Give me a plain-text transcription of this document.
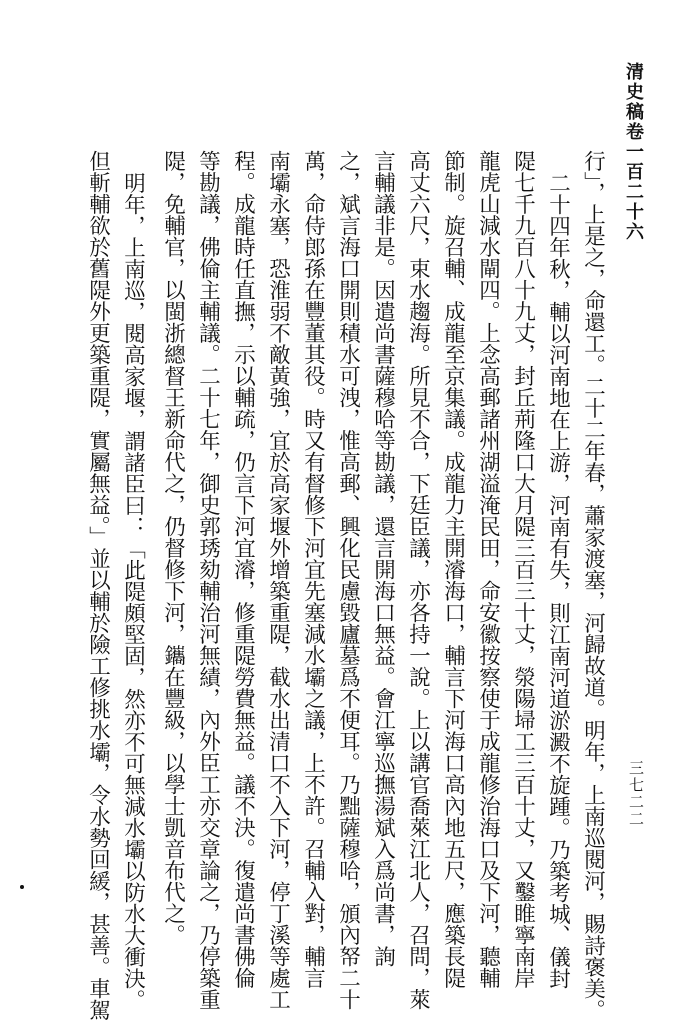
清史稿卷一百二十六
三七二二
行」，上是之，命還工。二十二年春，蕭家渡塞，河歸故道。明年，上南巡閱河，賜詩褒美。
二十四年秋，輔以河南地在上游，河南有失，則江南河道淤澱不旋踵。乃築考城、儀封
隄七千九百八十九丈，封丘荊隆口大月隄三百三十丈，滎陽埽工三百十丈，又鑿睢寧南岸
龍虎山減水閘四。上念高郵諸州湖溢淹民田，命安徽按察使于成龍修治海口及下河，聽輔
節制。旋召輔、成龍至京集議。成龍力主開濬海口，輔言下河海口高內地五尺，應築長隄
高丈六尺，束水趨海。所見不合，下廷臣議，亦各持一說。上以講官喬萊江北人，召問，萊
言輔議非是。因遣尚書薩穆哈等勘議，還言開海口無益。會江寧巡撫湯斌入爲尚書，詢
之，斌言海口開則積水可洩，惟高郵、興化民慮毀廬墓爲不便耳。乃黜薩穆哈，頒內帑二十
萬，命侍郎孫在豐董其役。時又有督修下河宜先塞減水壩之議，上不許。召輔入對，輔言
南壩永塞，恐淮弱不敵黃強，宜於高家堰外增築重隄，截水出清口不入下河，停丁溪等處工
程。成龍時任直撫，示以輔疏，仍言下河宜濬，修重隄勞費無益。議不決。復遣尚書佛倫
等勘議，佛倫主輔議。二十七年，御史郭琇劾輔治河無績，內外臣工亦交章論之，乃停築重
隄，免輔官，以閩浙總督王新命代之，仍督修下河，鑴在豐級，以學士凱音布代之。
明年，上南巡，閱高家堰，謂諸臣曰：「此隄頗堅固，然亦不可無減水壩以防水大衝決。
但斬輔欲於舊隄外更築重隄，實屬無益。」並以輔於險工修挑水壩，令水勢回緩，甚善。車駕
